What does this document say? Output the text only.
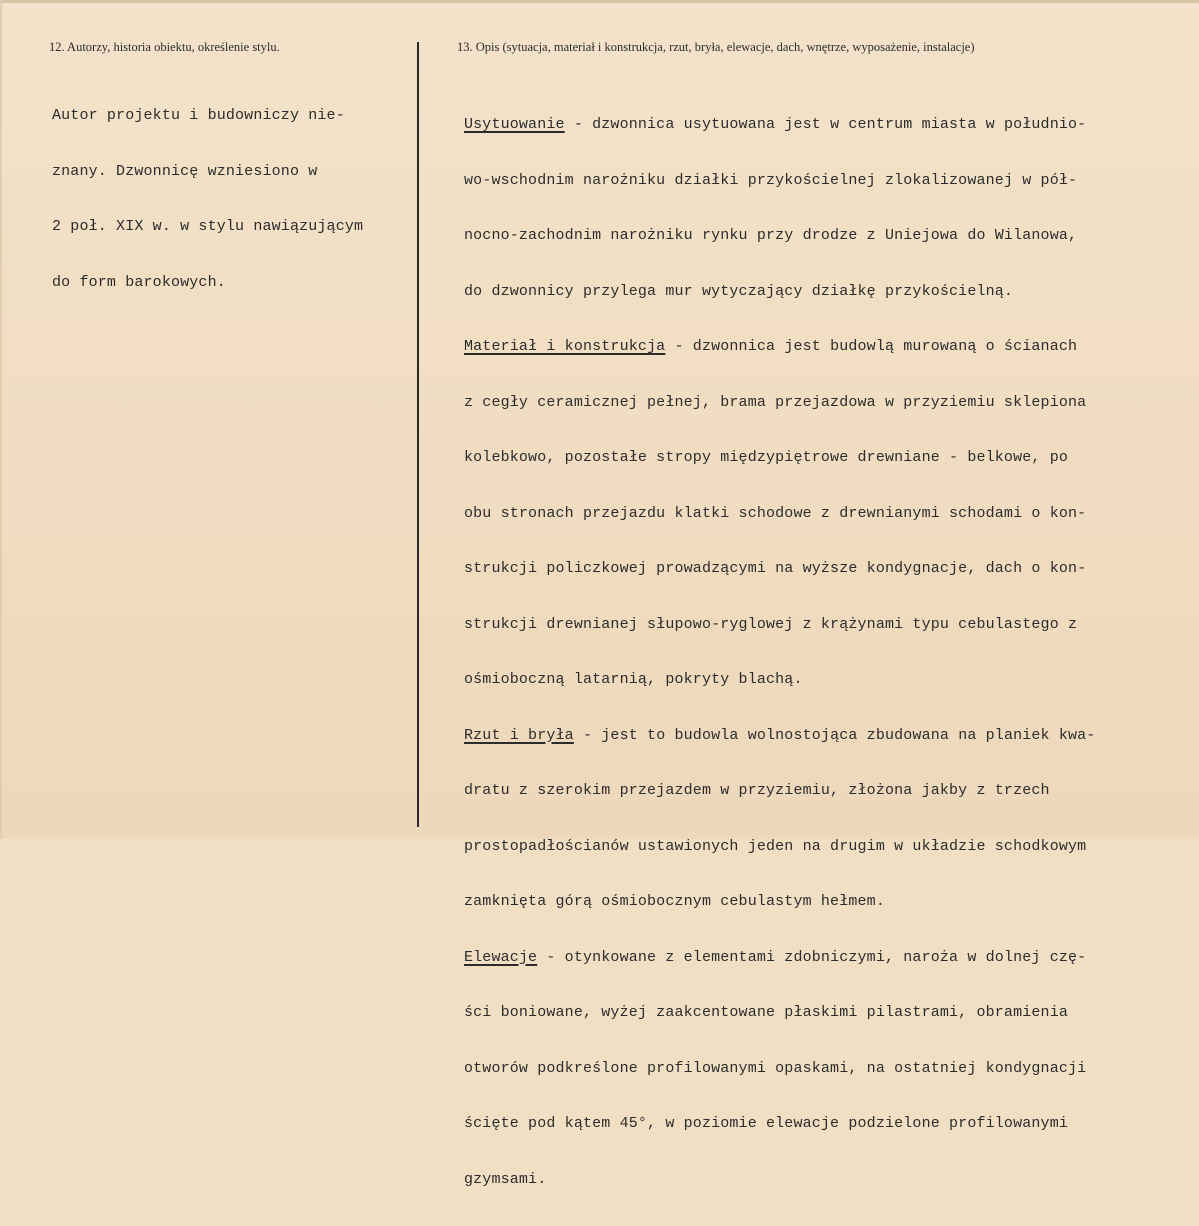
12. Autorzy, historia obiektu, określenie stylu.	13. Opis (sytuacja, materiał i konstrukcja, rzut, bryła, elewacje, dach, wnętrze, wyposażenie, instalacje)

Autor projektu i budowniczy nie-

znany. Dzwonnicę wzniesiono w

2 poł. XIX w. w stylu nawiązującym

do form barokowych.

Usytuowanie - dzwonnica usytuowana jest w centrum miasta w południo-

wo-wschodnim narożniku działki przykościelnej zlokalizowanej w pół-

nocno-zachodnim narożniku rynku przy drodze z Uniejowa do Wilanowa,

do dzwonnicy przylega mur wytyczający działkę przykościelną.

Materiał i konstrukcja - dzwonnica jest budowlą murowaną o ścianach

z cegły ceramicznej pełnej, brama przejazdowa w przyziemiu sklepiona

kolebkowo, pozostałe stropy międzypiętrowe drewniane - belkowe, po

obu stronach przejazdu klatki schodowe z drewnianymi schodami o kon-

strukcji policzkowej prowadzącymi na wyższe kondygnacje, dach o kon-

strukcji drewnianej słupowo-ryglowej z krążynami typu cebulastego z

ośmioboczną latarnią, pokryty blachą.

Rzut i bryła - jest to budowla wolnostojąca zbudowana na planiek kwa-

dratu z szerokim przejazdem w przyziemiu, złożona jakby z trzech

prostopadłościanów ustawionych jeden na drugim w układzie schodkowym

zamknięta górą ośmiobocznym cebulastym hełmem.

Elewacje - otynkowane z elementami zdobniczymi, naroża w dolnej czę-

ści boniowane, wyżej zaakcentowane płaskimi pilastrami, obramienia

otworów podkreślone profilowanymi opaskami, na ostatniej kondygnacji

ścięte pod kątem 45°, w poziomie elewacje podzielone profilowanymi

gzymsami.
